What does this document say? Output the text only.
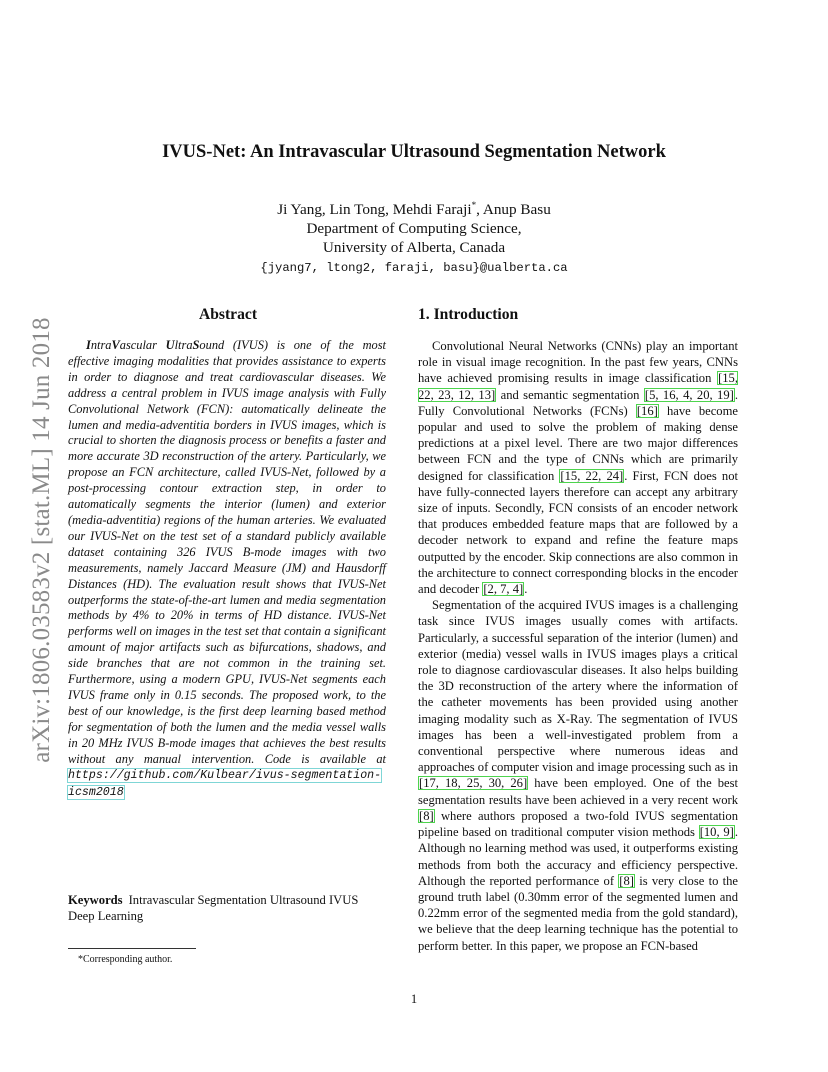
arXiv:1806.03583v2 [stat.ML] 14 Jun 2018
IVUS-Net: An Intravascular Ultrasound Segmentation Network
Ji Yang, Lin Tong, Mehdi Faraji*, Anup Basu
Department of Computing Science,
University of Alberta, Canada
{jyang7, ltong2, faraji, basu}@ualberta.ca
Abstract

IntraVascular UltraSound (IVUS) is one of the most effective imaging modalities that provides assistance to experts in order to diagnose and treat cardiovascular diseases. We address a central problem in IVUS image analysis with Fully Convolutional Network (FCN): automatically delineate the lumen and media-adventitia borders in IVUS images, which is crucial to shorten the diagnosis process or benefits a faster and more accurate 3D reconstruction of the artery. Particularly, we propose an FCN architecture, called IVUS-Net, followed by a post-processing contour extraction step, in order to automatically segments the interior (lumen) and exterior (media-adventitia) regions of the human arteries. We evaluated our IVUS-Net on the test set of a standard publicly available dataset containing 326 IVUS B-mode images with two measurements, namely Jaccard Measure (JM) and Hausdorff Distances (HD). The evaluation result shows that IVUS-Net outperforms the state-of-the-art lumen and media segmentation methods by 4% to 20% in terms of HD distance. IVUS-Net performs well on images in the test set that contain a significant amount of major artifacts such as bifurcations, shadows, and side branches that are not common in the training set. Furthermore, using a modern GPU, IVUS-Net segments each IVUS frame only in 0.15 seconds. The proposed work, to the best of our knowledge, is the first deep learning based method for segmentation of both the lumen and the media vessel walls in 20 MHz IVUS B-mode images that achieves the best results without any manual intervention. Code is available at https://github.com/Kulbear/ivus-segmentation-icsm2018

Keywords Intravascular Segmentation Ultrasound IVUS Deep Learning
*Corresponding author.
1. Introduction

Convolutional Neural Networks (CNNs) play an important role in visual image recognition. In the past few years, CNNs have achieved promising results in image classification [15, 22, 23, 12, 13] and semantic segmentation [5, 16, 4, 20, 19]. Fully Convolutional Networks (FCNs) [16] have become popular and used to solve the problem of making dense predictions at a pixel level. There are two major differences between FCN and the type of CNNs which are primarily designed for classification [15, 22, 24]. First, FCN does not have fully-connected layers therefore can accept any arbitrary size of inputs. Secondly, FCN consists of an encoder network that produces embedded feature maps that are followed by a decoder network to expand and refine the feature maps outputted by the encoder. Skip connections are also common in the architecture to connect corresponding blocks in the encoder and decoder [2, 7, 4].

Segmentation of the acquired IVUS images is a challenging task since IVUS images usually comes with artifacts. Particularly, a successful separation of the interior (lumen) and exterior (media) vessel walls in IVUS images plays a critical role to diagnose cardiovascular diseases. It also helps building the 3D reconstruction of the artery where the information of the catheter movements has been provided using another imaging modality such as X-Ray. The segmentation of IVUS images has been a well-investigated problem from a conventional perspective where numerous ideas and approaches of computer vision and image processing such as in [17, 18, 25, 30, 26] have been employed. One of the best segmentation results have been achieved in a very recent work [8] where authors proposed a two-fold IVUS segmentation pipeline based on traditional computer vision methods [10, 9]. Although no learning method was used, it outperforms existing methods from both the accuracy and efficiency perspective. Although the reported performance of [8] is very close to the ground truth label (0.30mm error of the segmented lumen and 0.22mm error of the segmented media from the gold standard), we believe that the deep learning technique has the potential to perform better. In this paper, we propose an FCN-based

1
